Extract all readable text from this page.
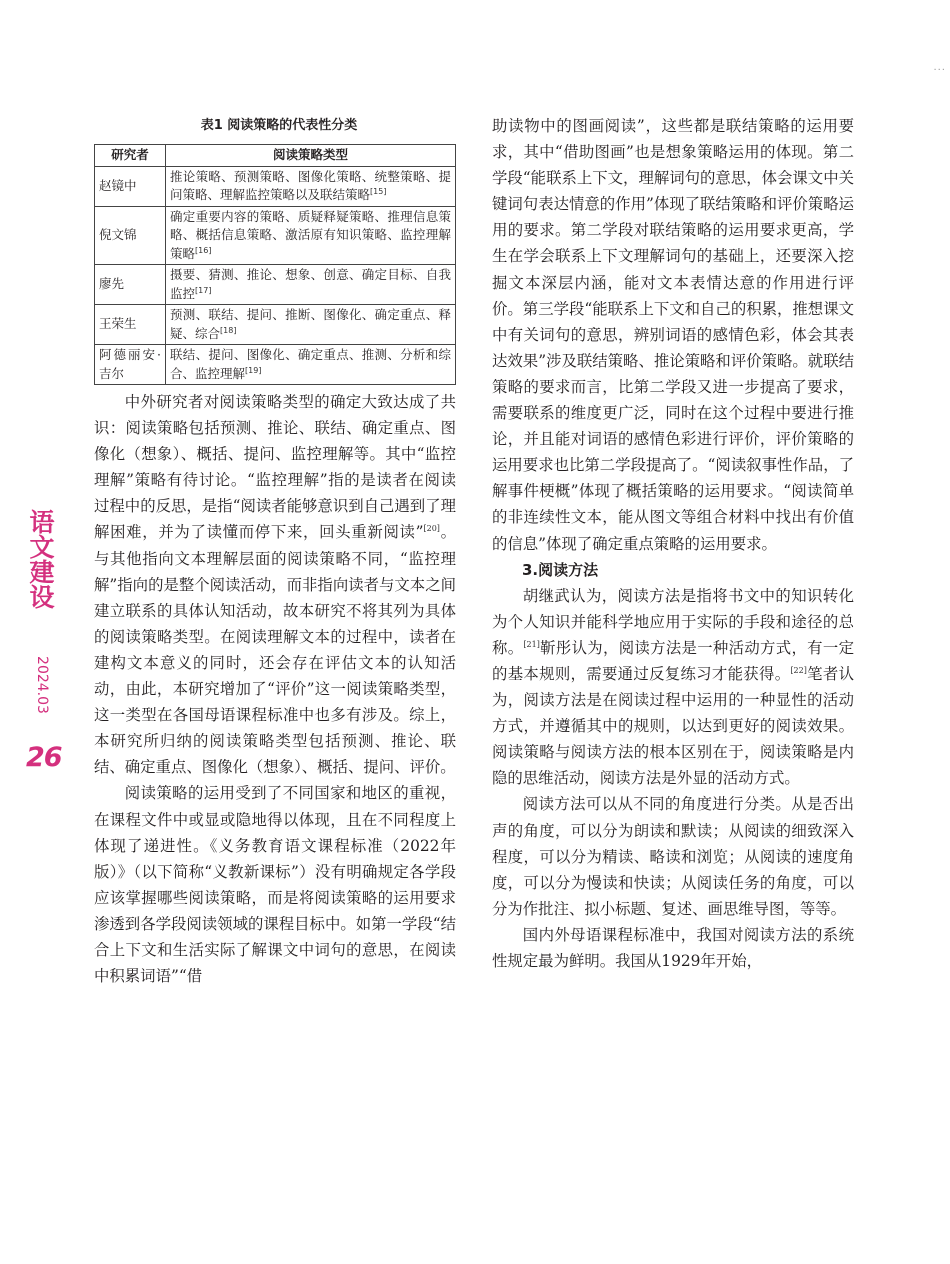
...
语
文
建
设
2024.03
26
表1 阅读策略的代表性分类
研究者	阅读策略类型
赵镜中	推论策略、预测策略、图像化策略、统整策略、提问策略、理解监控策略以及联结策略[15]
倪文锦	确定重要内容的策略、质疑释疑策略、推理信息策略、概括信息策略、激活原有知识策略、监控理解策略[16]
廖先	摄要、猜测、推论、想象、创意、确定目标、自我监控[17]
王荣生	预测、联结、提问、推断、图像化、确定重点、释疑、综合[18]
阿德丽安·吉尔	联结、提问、图像化、确定重点、推测、分析和综合、监控理解[19]

中外研究者对阅读策略类型的确定大致达成了共识：阅读策略包括预测、推论、联结、确定重点、图像化（想象）、概括、提问、监控理解等。其中“监控理解”策略有待讨论。“监控理解”指的是读者在阅读过程中的反思，是指“阅读者能够意识到自己遇到了理解困难，并为了读懂而停下来，回头重新阅读”[20]。与其他指向文本理解层面的阅读策略不同，“监控理解”指向的是整个阅读活动，而非指向读者与文本之间建立联系的具体认知活动，故本研究不将其列为具体的阅读策略类型。在阅读理解文本的过程中，读者在建构文本意义的同时，还会存在评估文本的认知活动，由此，本研究增加了“评价”这一阅读策略类型，这一类型在各国母语课程标准中也多有涉及。综上，本研究所归纳的阅读策略类型包括预测、推论、联结、确定重点、图像化（想象）、概括、提问、评价。

阅读策略的运用受到了不同国家和地区的重视，在课程文件中或显或隐地得以体现，且在不同程度上体现了递进性。《义务教育语文课程标准（2022年版）》（以下简称“义教新课标”）没有明确规定各学段应该掌握哪些阅读策略，而是将阅读策略的运用要求渗透到各学段阅读领域的课程目标中。如第一学段“结合上下文和生活实际了解课文中词句的意思，在阅读中积累词语”“借

助读物中的图画阅读”，这些都是联结策略的运用要求，其中“借助图画”也是想象策略运用的体现。第二学段“能联系上下文，理解词句的意思，体会课文中关键词句表达情意的作用”体现了联结策略和评价策略运用的要求。第二学段对联结策略的运用要求更高，学生在学会联系上下文理解词句的基础上，还要深入挖掘文本深层内涵，能对文本表情达意的作用进行评价。第三学段“能联系上下文和自己的积累，推想课文中有关词句的意思，辨别词语的感情色彩，体会其表达效果”涉及联结策略、推论策略和评价策略。就联结策略的要求而言，比第二学段又进一步提高了要求，需要联系的维度更广泛，同时在这个过程中要进行推论，并且能对词语的感情色彩进行评价，评价策略的运用要求也比第二学段提高了。“阅读叙事性作品，了解事件梗概”体现了概括策略的运用要求。“阅读简单的非连续性文本，能从图文等组合材料中找出有价值的信息”体现了确定重点策略的运用要求。

3.阅读方法

胡继武认为，阅读方法是指将书文中的知识转化为个人知识并能科学地应用于实际的手段和途径的总称。[21]靳彤认为，阅读方法是一种活动方式，有一定的基本规则，需要通过反复练习才能获得。[22]笔者认为，阅读方法是在阅读过程中运用的一种显性的活动方式，并遵循其中的规则，以达到更好的阅读效果。阅读策略与阅读方法的根本区别在于，阅读策略是内隐的思维活动，阅读方法是外显的活动方式。

阅读方法可以从不同的角度进行分类。从是否出声的角度，可以分为朗读和默读；从阅读的细致深入程度，可以分为精读、略读和浏览；从阅读的速度角度，可以分为慢读和快读；从阅读任务的角度，可以分为作批注、拟小标题、复述、画思维导图，等等。

国内外母语课程标准中，我国对阅读方法的系统性规定最为鲜明。我国从1929年开始，
